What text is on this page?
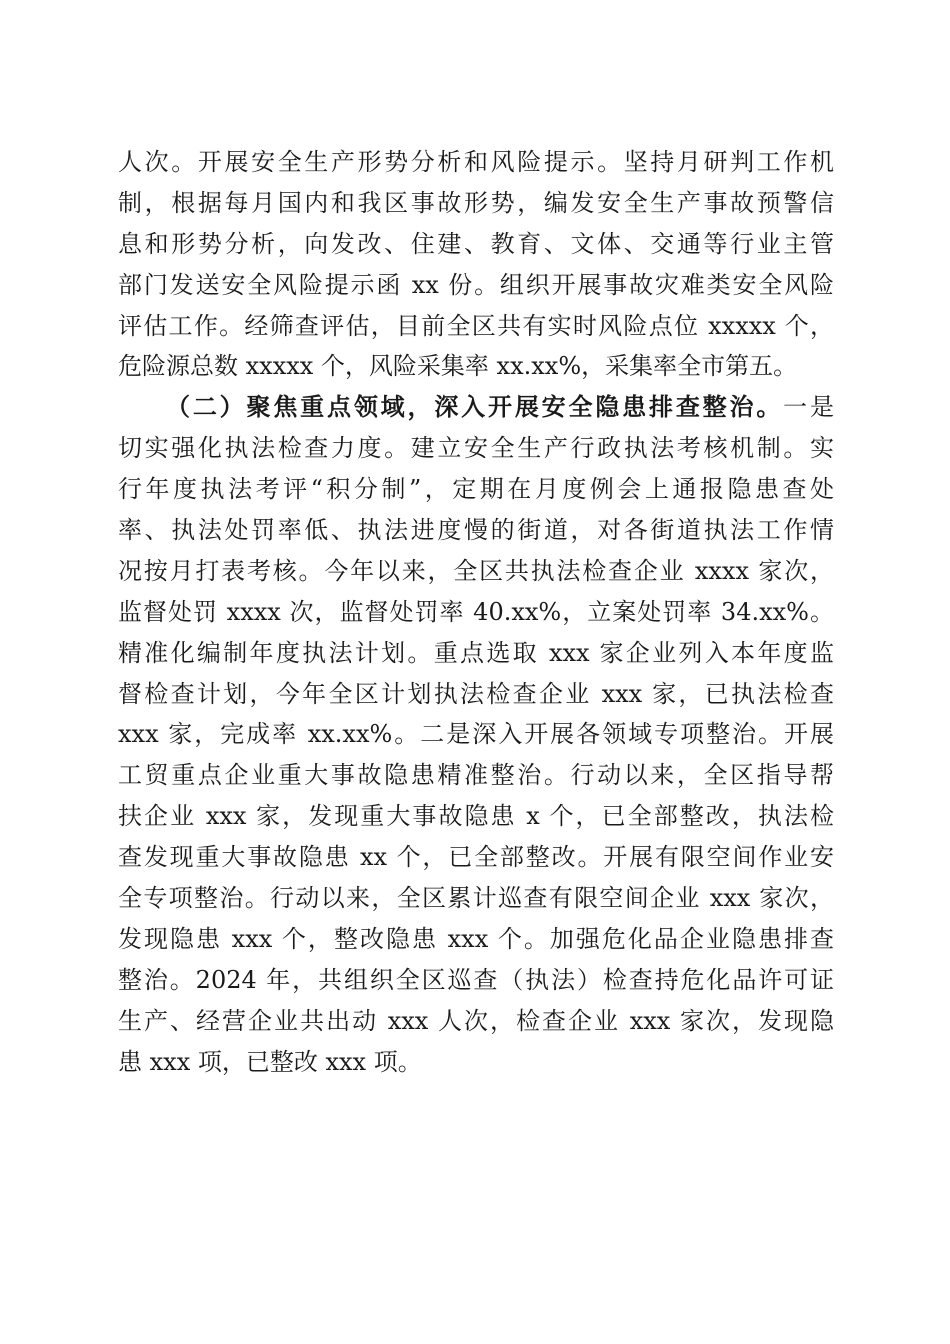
人次。开展安全生产形势分析和风险提示。坚持月研判工作机
制，根据每月国内和我区事故形势，编发安全生产事故预警信
息和形势分析，向发改、住建、教育、文体、交通等行业主管
部门发送安全风险提示函 xx 份。组织开展事故灾难类安全风险
评估工作。经筛查评估，目前全区共有实时风险点位 xxxxx 个，
危险源总数 xxxxx 个，风险采集率 xx.xx%，采集率全市第五。
（二）聚焦重点领域，深入开展安全隐患排查整治。一是
切实强化执法检查力度。建立安全生产行政执法考核机制。实
行年度执法考评“积分制”，定期在月度例会上通报隐患查处
率、执法处罚率低、执法进度慢的街道，对各街道执法工作情
况按月打表考核。今年以来，全区共执法检查企业 xxxx 家次，
监督处罚 xxxx 次，监督处罚率 40.xx%，立案处罚率 34.xx%。
精准化编制年度执法计划。重点选取 xxx 家企业列入本年度监
督检查计划，今年全区计划执法检查企业 xxx 家，已执法检查
xxx 家，完成率 xx.xx%。二是深入开展各领域专项整治。开展
工贸重点企业重大事故隐患精准整治。行动以来，全区指导帮
扶企业 xxx 家，发现重大事故隐患 x 个，已全部整改，执法检
查发现重大事故隐患 xx 个，已全部整改。开展有限空间作业安
全专项整治。行动以来，全区累计巡查有限空间企业 xxx 家次，
发现隐患 xxx 个，整改隐患 xxx 个。加强危化品企业隐患排查
整治。2024 年，共组织全区巡查（执法）检查持危化品许可证
生产、经营企业共出动 xxx 人次，检查企业 xxx 家次，发现隐
患 xxx 项，已整改 xxx 项。
